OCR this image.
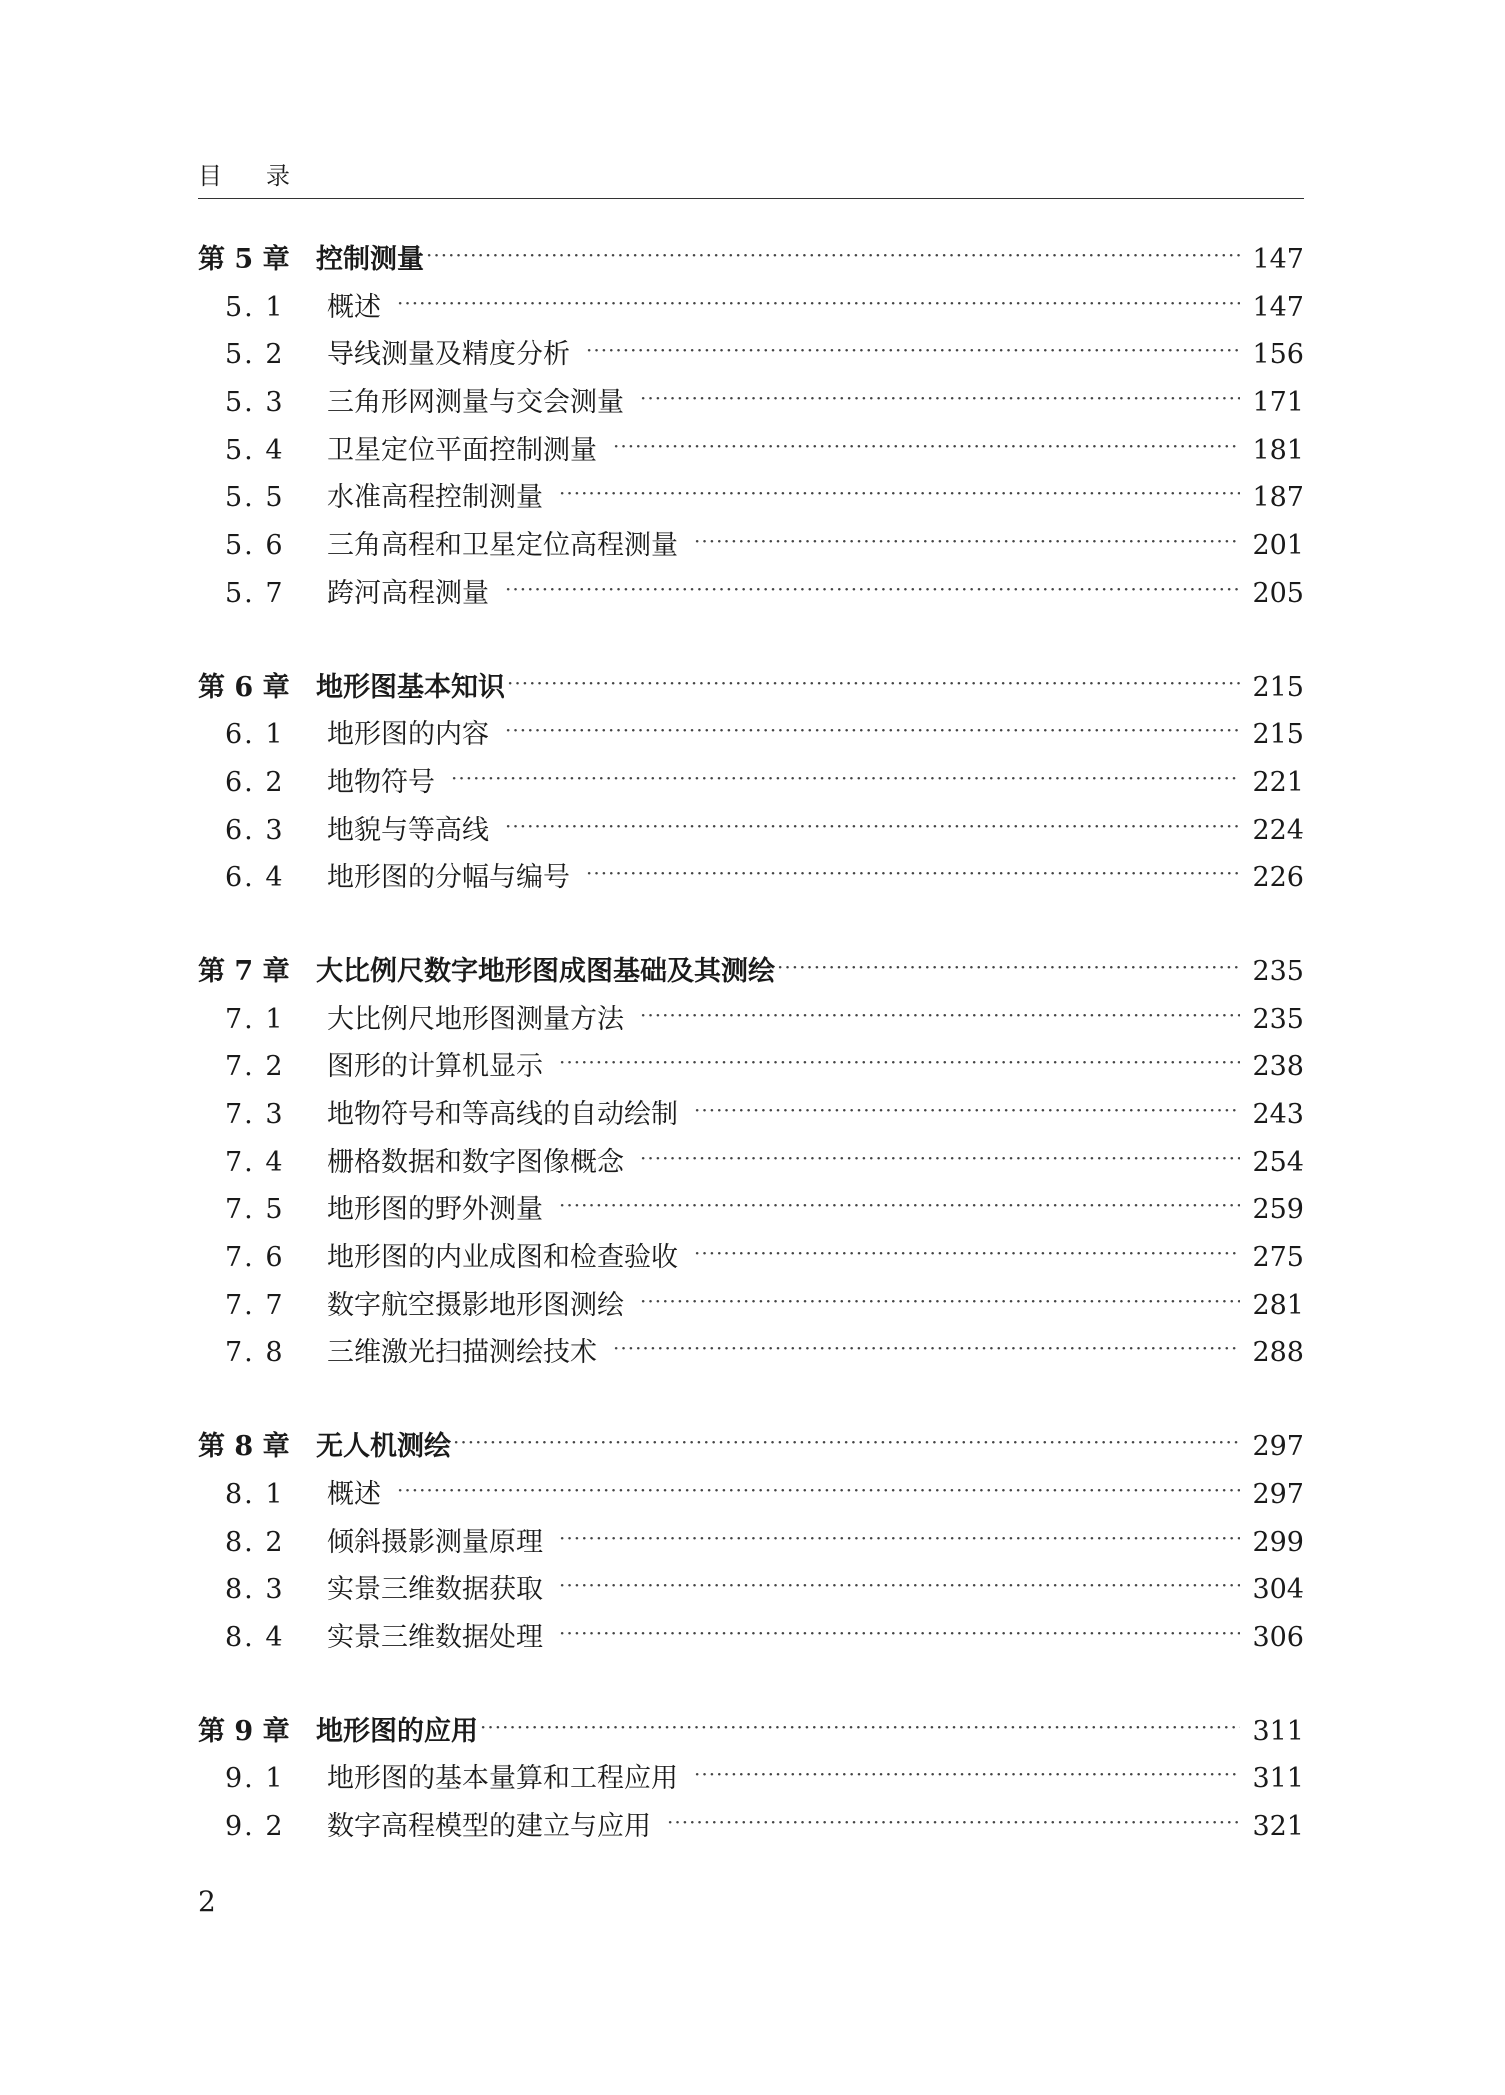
目录
第 5 章 控制测量 ·····	147
5. 1	概述 ·····	147
5. 2	导线测量及精度分析 ·····	156
5. 3	三角形网测量与交会测量 ·····	171
5. 4	卫星定位平面控制测量 ·····	181
5. 5	水准高程控制测量 ·····	187
5. 6	三角高程和卫星定位高程测量 ·····	201
5. 7	跨河高程测量 ·····	205
第 6 章 地形图基本知识 ·····	215
6. 1	地形图的内容 ·····	215
6. 2	地物符号 ·····	221
6. 3	地貌与等高线 ·····	224
6. 4	地形图的分幅与编号 ·····	226
第 7 章 大比例尺数字地形图成图基础及其测绘 ·····	235
7. 1	大比例尺地形图测量方法 ·····	235
7. 2	图形的计算机显示 ·····	238
7. 3	地物符号和等高线的自动绘制 ·····	243
7. 4	栅格数据和数字图像概念 ·····	254
7. 5	地形图的野外测量 ·····	259
7. 6	地形图的内业成图和检查验收 ·····	275
7. 7	数字航空摄影地形图测绘 ·····	281
7. 8	三维激光扫描测绘技术 ·····	288
第 8 章 无人机测绘 ·····	297
8. 1	概述 ·····	297
8. 2	倾斜摄影测量原理 ·····	299
8. 3	实景三维数据获取 ·····	304
8. 4	实景三维数据处理 ·····	306
第 9 章 地形图的应用 ·····	311
9. 1	地形图的基本量算和工程应用 ·····	311
9. 2	数字高程模型的建立与应用 ·····	321
2
